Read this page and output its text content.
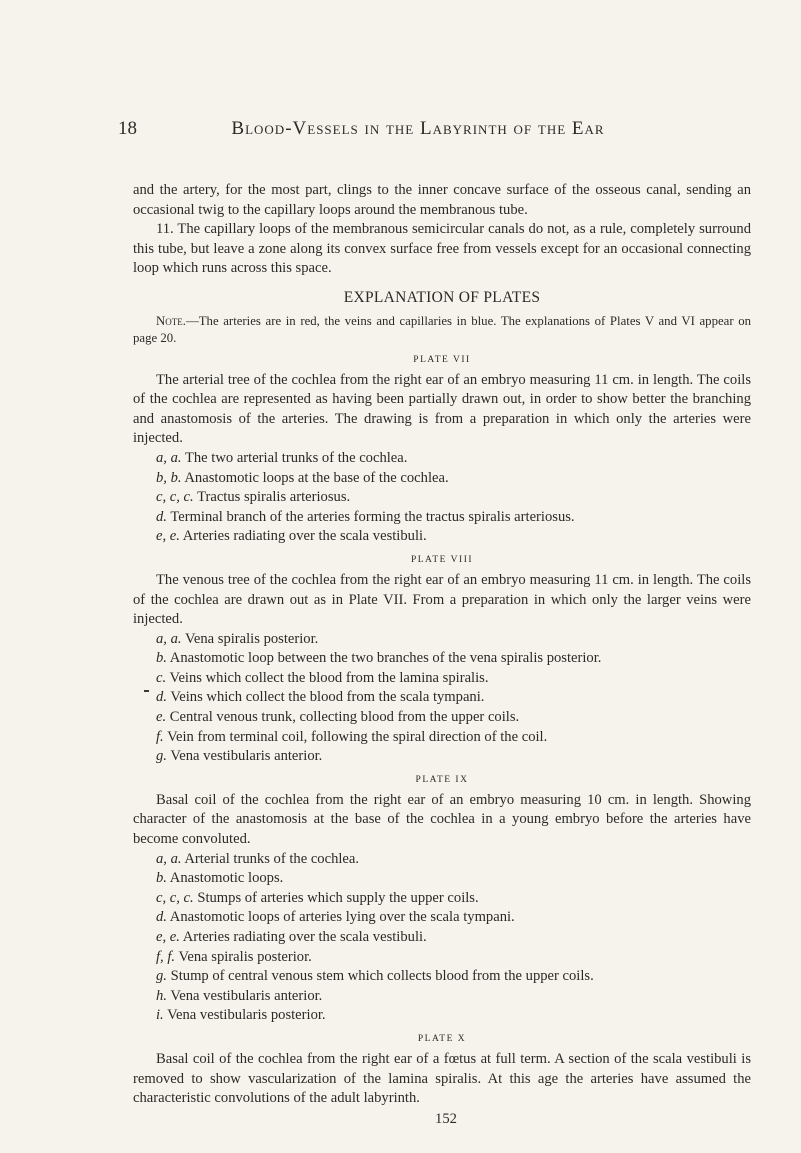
18	Blood-Vessels in the Labyrinth of the Ear

and the artery, for the most part, clings to the inner concave surface of the osseous canal, sending an occasional twig to the capillary loops around the membranous tube.

11. The capillary loops of the membranous semicircular canals do not, as a rule, completely surround this tube, but leave a zone along its convex surface free from vessels except for an occasional connecting loop which runs across this space.

EXPLANATION OF PLATES

Note.—The arteries are in red, the veins and capillaries in blue. The explanations of Plates V and VI appear on page 20.

PLATE VII

The arterial tree of the cochlea from the right ear of an embryo measuring 11 cm. in length. The coils of the cochlea are represented as having been partially drawn out, in order to show better the branching and anastomosis of the arteries. The drawing is from a preparation in which only the arteries were injected.

a, a. The two arterial trunks of the cochlea.
b, b. Anastomotic loops at the base of the cochlea.
c, c, c. Tractus spiralis arteriosus.
d. Terminal branch of the arteries forming the tractus spiralis arteriosus.
e, e. Arteries radiating over the scala vestibuli.
PLATE VIII

The venous tree of the cochlea from the right ear of an embryo measuring 11 cm. in length. The coils of the cochlea are drawn out as in Plate VII. From a preparation in which only the larger veins were injected.

a, a. Vena spiralis posterior.
b. Anastomotic loop between the two branches of the vena spiralis posterior.
c. Veins which collect the blood from the lamina spiralis.
d. Veins which collect the blood from the scala tympani.
e. Central venous trunk, collecting blood from the upper coils.
f. Vein from terminal coil, following the spiral direction of the coil.
g. Vena vestibularis anterior.
PLATE IX

Basal coil of the cochlea from the right ear of an embryo measuring 10 cm. in length. Showing character of the anastomosis at the base of the cochlea in a young embryo before the arteries have become convoluted.

a, a. Arterial trunks of the cochlea.
b. Anastomotic loops.
c, c, c. Stumps of arteries which supply the upper coils.
d. Anastomotic loops of arteries lying over the scala tympani.
e, e. Arteries radiating over the scala vestibuli.
f, f. Vena spiralis posterior.
g. Stump of central venous stem which collects blood from the upper coils.
h. Vena vestibularis anterior.
i. Vena vestibularis posterior.
PLATE X

Basal coil of the cochlea from the right ear of a fœtus at full term. A section of the scala vestibuli is removed to show vascularization of the lamina spiralis. At this age the arteries have assumed the characteristic convolutions of the adult labyrinth.

152
